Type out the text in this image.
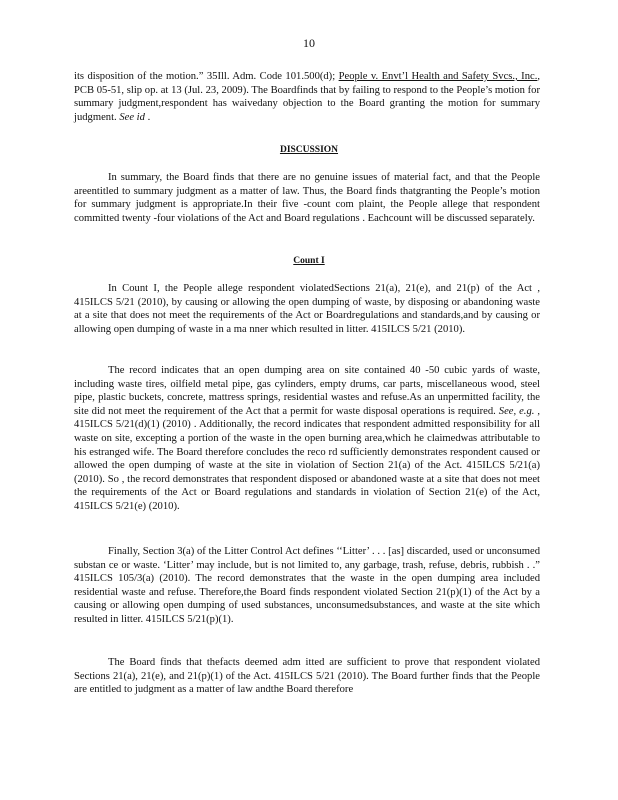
10

its disposition of the motion.” 35Ill. Adm. Code 101.500(d); People v. Envt’l Health and Safety Svcs., Inc., PCB 05-51, slip op. at 13 (Jul. 23, 2009). The Boardfinds that by failing to respond to the People’s motion for summary judgment,respondent has waivedany objection to the Board granting the motion for summary judgment. See id .

DISCUSSION

In summary, the Board finds that there are no genuine issues of material fact, and that the People areentitled to summary judgment as a matter of law. Thus, the Board finds thatgranting the People’s motion for summary judgment is appropriate.In their five -count com plaint, the People allege that respondent committed twenty -four violations of the Act and Board regulations . Eachcount will be discussed separately.

Count I

In Count I, the People allege respondent violatedSections 21(a), 21(e), and 21(p) of the Act , 415ILCS 5/21 (2010), by causing or allowing the open dumping of waste, by disposing or abandoning waste at a site that does not meet the requirements of the Act or Boardregulations and standards,and by causing or allowing open dumping of waste in a ma nner which resulted in litter. 415ILCS 5/21 (2010).

The record indicates that an open dumping area on site contained 40 -50 cubic yards of waste, including waste tires, oilfield metal pipe, gas cylinders, empty drums, car parts, miscellaneous wood, steel pipe, plastic buckets, concrete, mattress springs, residential wastes and refuse.As an unpermitted facility, the site did not meet the requirement of the Act that a permit for waste disposal operations is required. See, e.g. , 415ILCS 5/21(d)(1) (2010) . Additionally, the record indicates that respondent admitted responsibility for all waste on site, excepting a portion of the waste in the open burning area,which he claimedwas attributable to his estranged wife. The Board therefore concludes the reco rd sufficiently demonstrates respondent caused or allowed the open dumping of waste at the site in violation of Section 21(a) of the Act. 415ILCS 5/21(a) (2010). So , the record demonstrates that respondent disposed or abandoned waste at a site that does not meet the requirements of the Act or Board regulations and standards in violation of Section 21(e) of the Act, 415ILCS 5/21(e) (2010).

Finally, Section 3(a) of the Litter Control Act defines ‘‘Litter’ . . . [as] discarded, used or unconsumed substan ce or waste. ‘Litter’ may include, but is not limited to, any garbage, trash, refuse, debris, rubbish . .” 415ILCS 105/3(a) (2010). The record demonstrates that the waste in the open dumping area included residential waste and refuse. Therefore,the Board finds respondent violated Section 21(p)(1) of the Act by a causing or allowing open dumping of used substances, unconsumedsubstances, and waste at the site which resulted in litter. 415ILCS 5/21(p)(1).

The Board finds that thefacts deemed adm itted are sufficient to prove that respondent violated Sections 21(a), 21(e), and 21(p)(1) of the Act. 415ILCS 5/21 (2010). The Board further finds that the People are entitled to judgment as a matter of law andthe Board therefore
